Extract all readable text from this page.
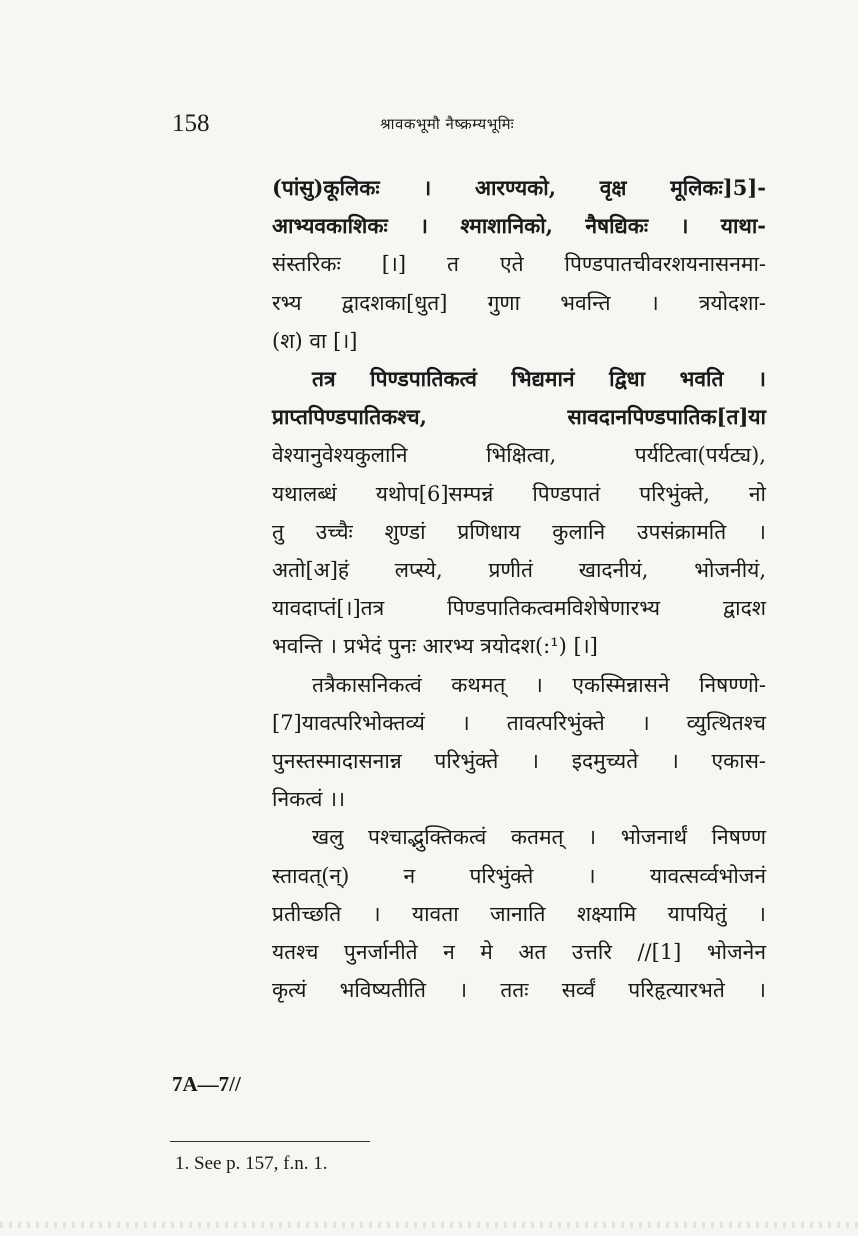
158	श्रावकभूमौ नैष्क्रम्यभूमिः
(पांसु)कूलिकः । आरण्यको, वृक्ष मूलिकः]5]-
आभ्यवकाशिकः । श्माशानिको, नैषद्यिकः । याथा-
संस्तरिकः [।] त एते पिण्डपातचीवरशयनासनमा-
रभ्य द्वादशका[धुत] गुणा भवन्ति । त्रयोदशा-
(श) वा [।]
तत्र पिण्डपातिकत्वं भिद्यमानं द्विधा भवति ।
प्राप्तपिण्डपातिकश्च, सावदानपिण्डपातिक[त]या
वेश्यानुवेश्यकुलानि भिक्षित्वा, पर्यटित्वा(पर्यट्य),
यथालब्धं यथोप[6]सम्पन्नं पिण्डपातं परिभुंक्ते, नो
तु उच्चैः शुण्डां प्रणिधाय कुलानि उपसंक्रामति ।
अतो[अ]हं लप्स्ये, प्रणीतं खादनीयं, भोजनीयं,
यावदाप्तं[।]तत्र पिण्डपातिकत्वमविशेषेणारभ्य द्वादश
भवन्ति । प्रभेदं पुनः आरभ्य त्रयोदश(:¹) [।]
तत्रैकासनिकत्वं कथमत् । एकस्मिन्नासने निषण्णो-
[7]यावत्परिभोक्तव्यं । तावत्परिभुंक्ते । व्युत्थितश्च
पुनस्तस्मादासनान्न परिभुंक्ते । इदमुच्यते । एकास-
निकत्वं ।।
खलु पश्चाद्भुक्तिकत्वं कतमत् । भोजनार्थं निषण्ण
स्तावत्(न्) न परिभुंक्ते । यावत्सर्व्वभोजनं
प्रतीच्छति । यावता जानाति शक्ष्यामि यापयितुं ।
यतश्च पुनर्जानीते न मे अत उत्तरि //[1] भोजनेन
कृत्यं भविष्यतीति । ततः सर्व्वं परिहृत्यारभते ।
7A—7//
1. See p. 157, f.n. 1.
